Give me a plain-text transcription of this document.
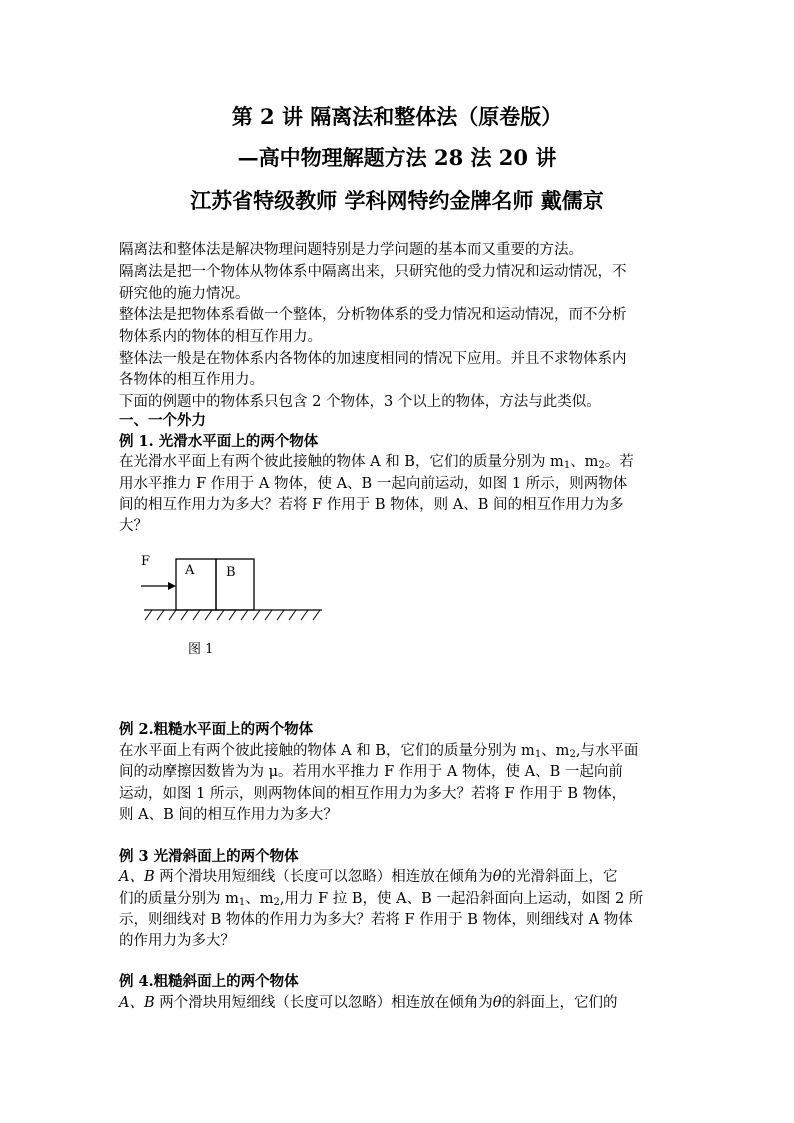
第 2 讲 隔离法和整体法（原卷版）
—高中物理解题方法 28 法 20 讲
江苏省特级教师 学科网特约金牌名师 戴儒京
隔离法和整体法是解决物理问题特别是力学问题的基本而又重要的方法。
隔离法是把一个物体从物体系中隔离出来，只研究他的受力情况和运动情况，不
研究他的施力情况。
整体法是把物体系看做一个整体，分析物体系的受力情况和运动情况，而不分析
物体系内的物体的相互作用力。
整体法一般是在物体系内各物体的加速度相同的情况下应用。并且不求物体系内
各物体的相互作用力。
下面的例题中的物体系只包含 2 个物体，3 个以上的物体，方法与此类似。
一、一个外力
例 1. 光滑水平面上的两个物体
在光滑水平面上有两个彼此接触的物体 A 和 B，它们的质量分别为 $m_1$、$m_2$。若
用水平推力 F 作用于 A 物体，使 A、B 一起向前运动，如图 1 所示，则两物体
间的相互作用力为多大？若将 F 作用于 B 物体，则 A、B 间的相互作用力为多
大？
F
A B
图 1
例 2.粗糙水平面上的两个物体
在水平面上有两个彼此接触的物体 A 和 B，它们的质量分别为 $m_1$、$m_2$,与水平面
间的动摩擦因数皆为为 μ。若用水平推力 F 作用于 A 物体，使 A、B 一起向前
运动，如图 1 所示，则两物体间的相互作用力为多大？若将 F 作用于 B 物体，
则 A、B 间的相互作用力为多大？
例 3 光滑斜面上的两个物体
A、B 两个滑块用短细线（长度可以忽略）相连放在倾角为θ的光滑斜面上，它
们的质量分别为 $m_1$、$m_2$,用力 F 拉 B，使 A、B 一起沿斜面向上运动，如图 2 所
示，则细线对 B 物体的作用力为多大？若将 F 作用于 B 物体，则细线对 A 物体
的作用力为多大？
例 4.粗糙斜面上的两个物体
A、B 两个滑块用短细线（长度可以忽略）相连放在倾角为θ的斜面上，它们的
